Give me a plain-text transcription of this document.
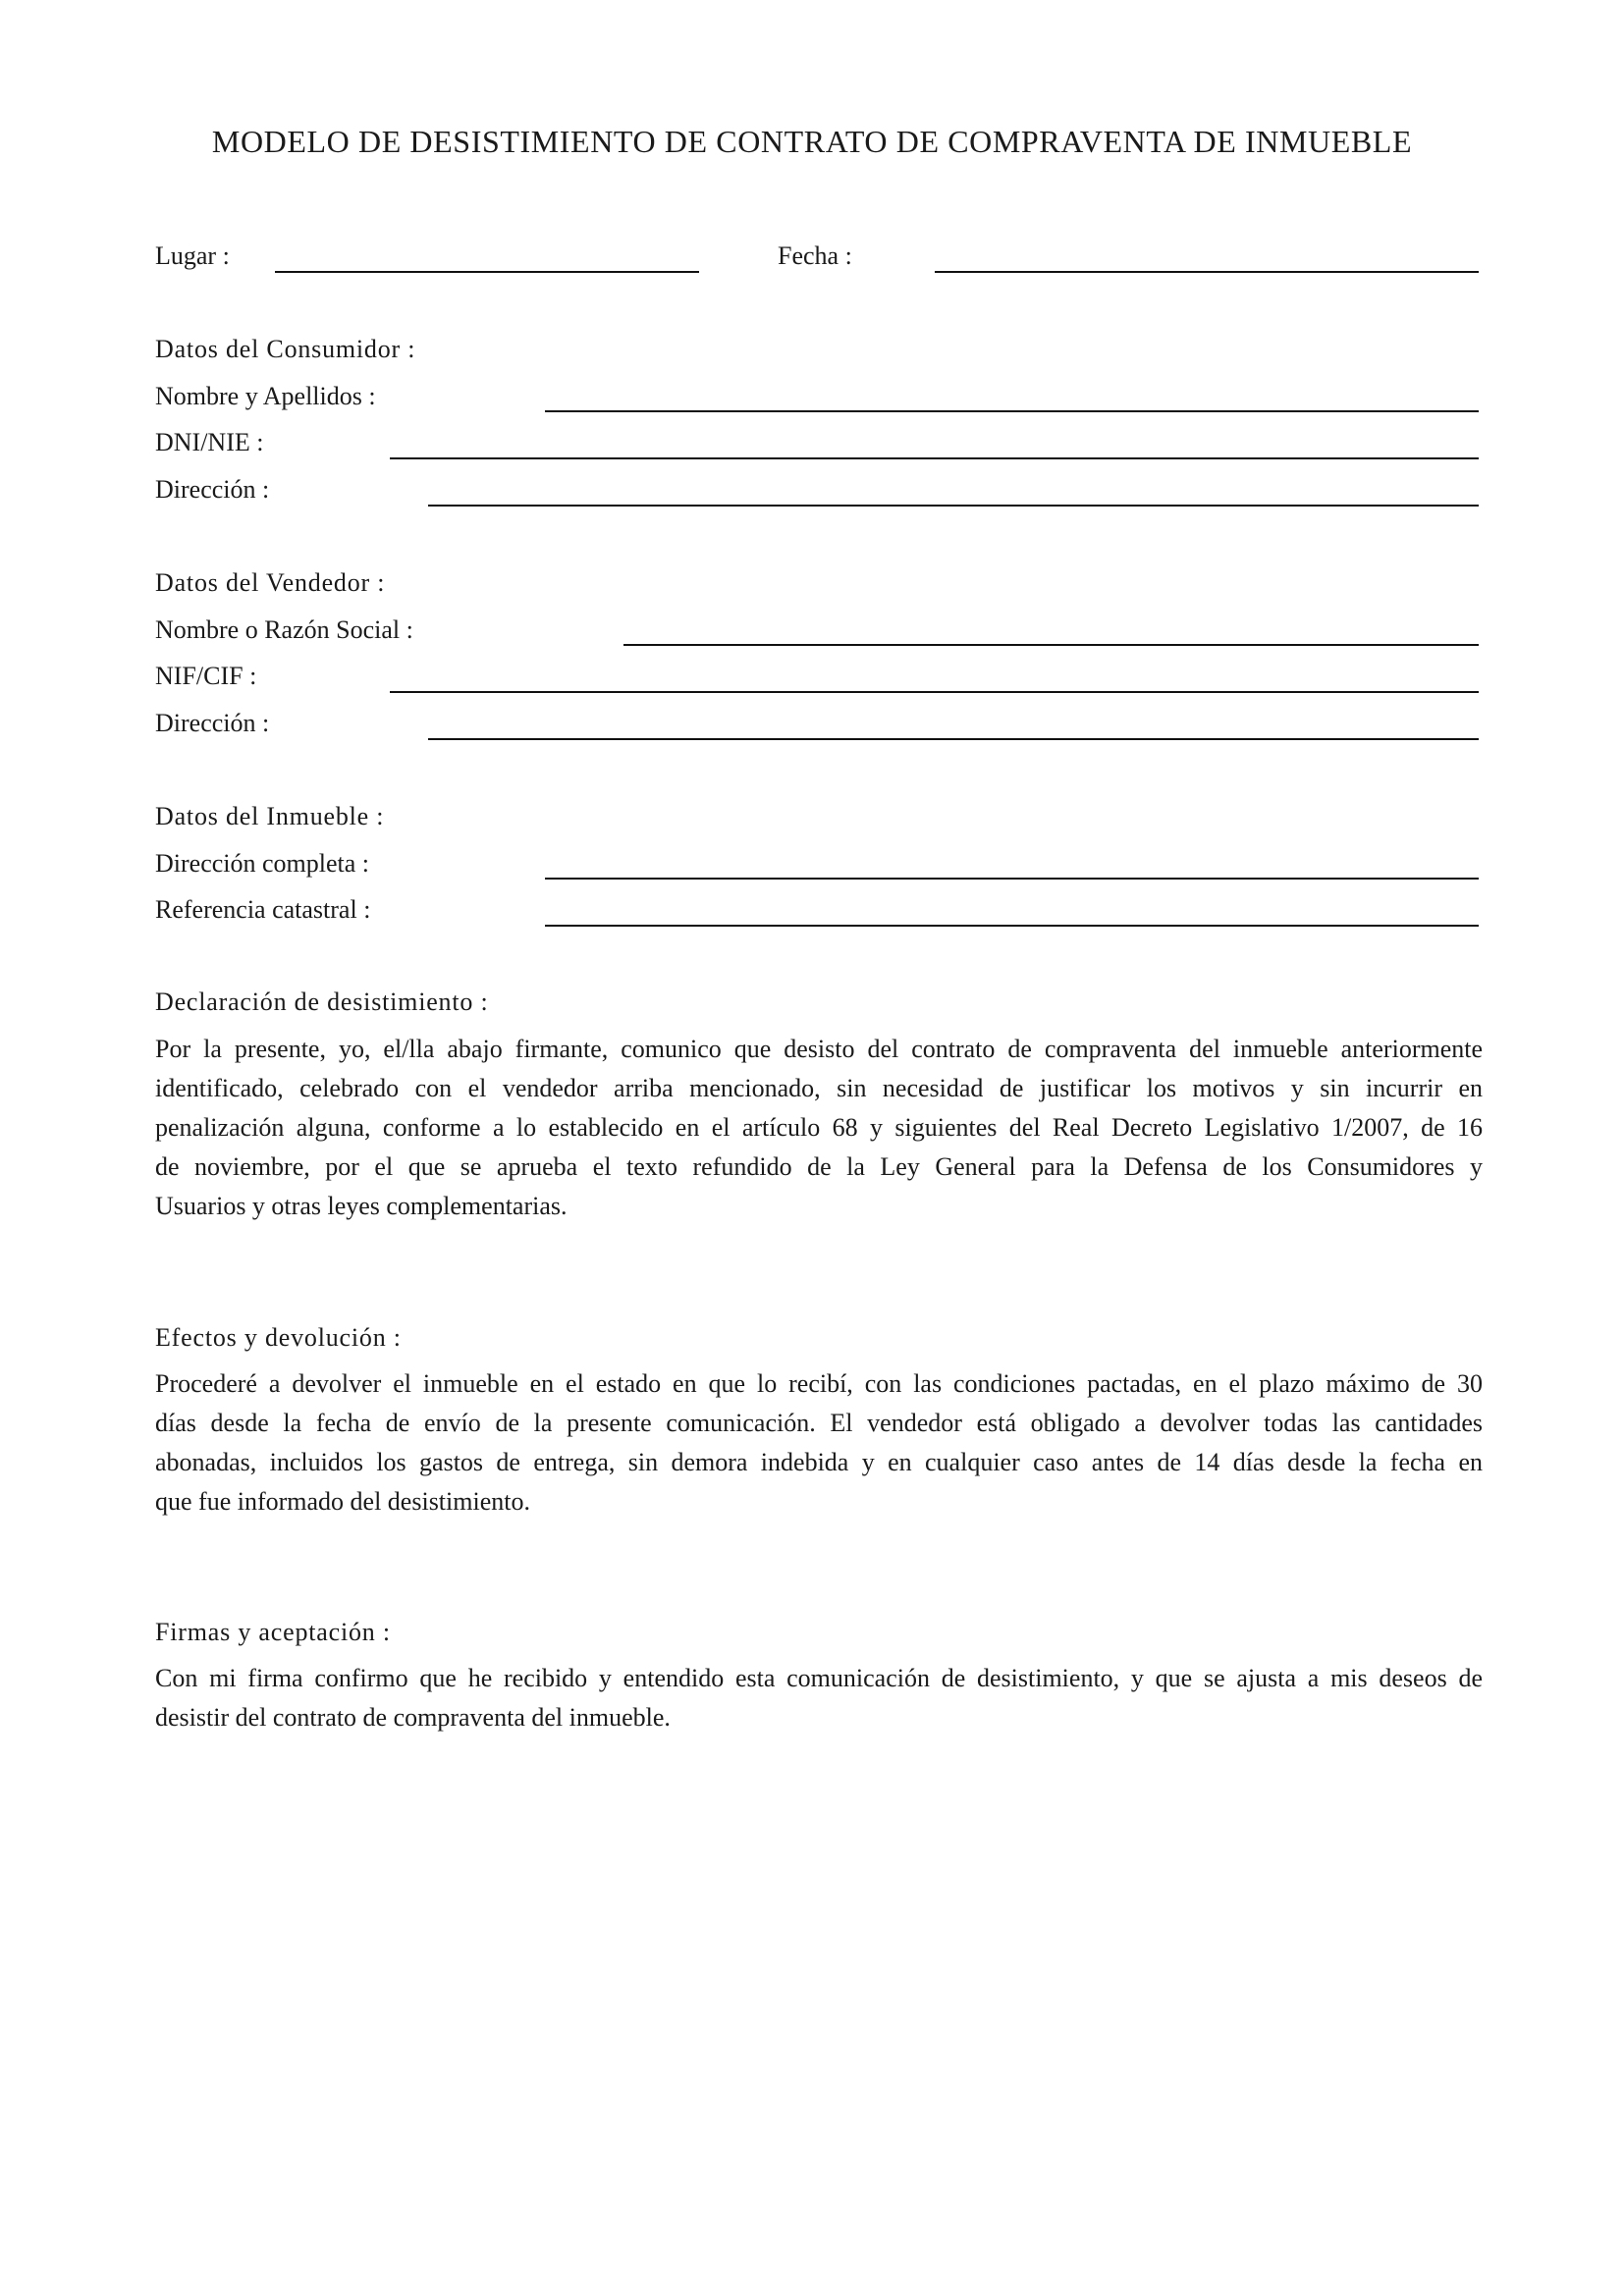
MODELO DE DESISTIMIENTO DE CONTRATO DE COMPRAVENTA DE INMUEBLE
Lugar :	Fecha :
Datos del Consumidor :
Nombre y Apellidos :
DNI/NIE :
Dirección :
Datos del Vendedor :
Nombre o Razón Social :
NIF/CIF :
Dirección :
Datos del Inmueble :
Dirección completa :
Referencia catastral :
Declaración de desistimiento :

Por la presente, yo, el/lla abajo firmante, comunico que desisto del contrato de compraventa del inmueble anteriormente
identificado, celebrado con el vendedor arriba mencionado, sin necesidad de justificar los motivos y sin incurrir en
penalización alguna, conforme a lo establecido en el artículo 68 y siguientes del Real Decreto Legislativo 1/2007, de 16
de noviembre, por el que se aprueba el texto refundido de la Ley General para la Defensa de los Consumidores y
Usuarios y otras leyes complementarias.

Efectos y devolución :

Procederé a devolver el inmueble en el estado en que lo recibí, con las condiciones pactadas, en el plazo máximo de 30
días desde la fecha de envío de la presente comunicación. El vendedor está obligado a devolver todas las cantidades
abonadas, incluidos los gastos de entrega, sin demora indebida y en cualquier caso antes de 14 días desde la fecha en
que fue informado del desistimiento.

Firmas y aceptación :

Con mi firma confirmo que he recibido y entendido esta comunicación de desistimiento, y que se ajusta a mis deseos de
desistir del contrato de compraventa del inmueble.
